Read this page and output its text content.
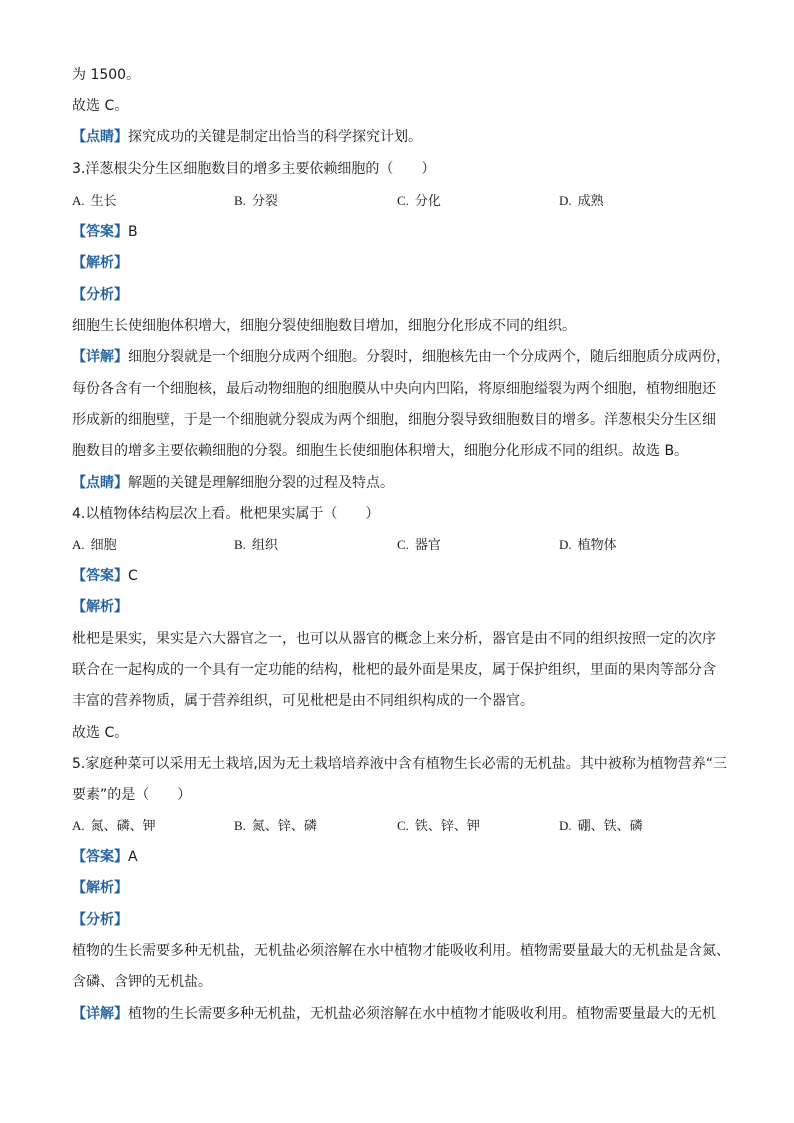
为 1500。
故选 C。
【点睛】探究成功的关键是制定出恰当的科学探究计划。
3.洋葱根尖分生区细胞数目的增多主要依赖细胞的（　　）
A. 生长	B. 分裂	C. 分化	D. 成熟
【答案】B
【解析】
【分析】
细胞生长使细胞体积增大，细胞分裂使细胞数目增加，细胞分化形成不同的组织。
【详解】细胞分裂就是一个细胞分成两个细胞。分裂时，细胞核先由一个分成两个，随后细胞质分成两份，
每份各含有一个细胞核，最后动物细胞的细胞膜从中央向内凹陷，将原细胞缢裂为两个细胞，植物细胞还
形成新的细胞壁，于是一个细胞就分裂成为两个细胞，细胞分裂导致细胞数目的增多。洋葱根尖分生区细
胞数目的增多主要依赖细胞的分裂。细胞生长使细胞体积增大，细胞分化形成不同的组织。故选 B。
【点睛】解题的关键是理解细胞分裂的过程及特点。
4.以植物体结构层次上看。枇杷果实属于（　　）
A. 细胞	B. 组织	C. 器官	D. 植物体
【答案】C
【解析】
枇杷是果实，果实是六大器官之一，也可以从器官的概念上来分析，器官是由不同的组织按照一定的次序
联合在一起构成的一个具有一定功能的结构，枇杷的最外面是果皮，属于保护组织，里面的果肉等部分含
丰富的营养物质，属于营养组织，可见枇杷是由不同组织构成的一个器官。
故选 C。
5.家庭种菜可以采用无土栽培,因为无土栽培培养液中含有植物生长必需的无机盐。其中被称为植物营养“三
要素”的是（　　）
A. 氮、磷、钾	B. 氮、锌、磷	C. 铁、锌、钾	D. 硼、铁、磷
【答案】A
【解析】
【分析】
植物的生长需要多种无机盐，无机盐必须溶解在水中植物才能吸收利用。植物需要量最大的无机盐是含氮、
含磷、含钾的无机盐。
【详解】植物的生长需要多种无机盐，无机盐必须溶解在水中植物才能吸收利用。植物需要量最大的无机
